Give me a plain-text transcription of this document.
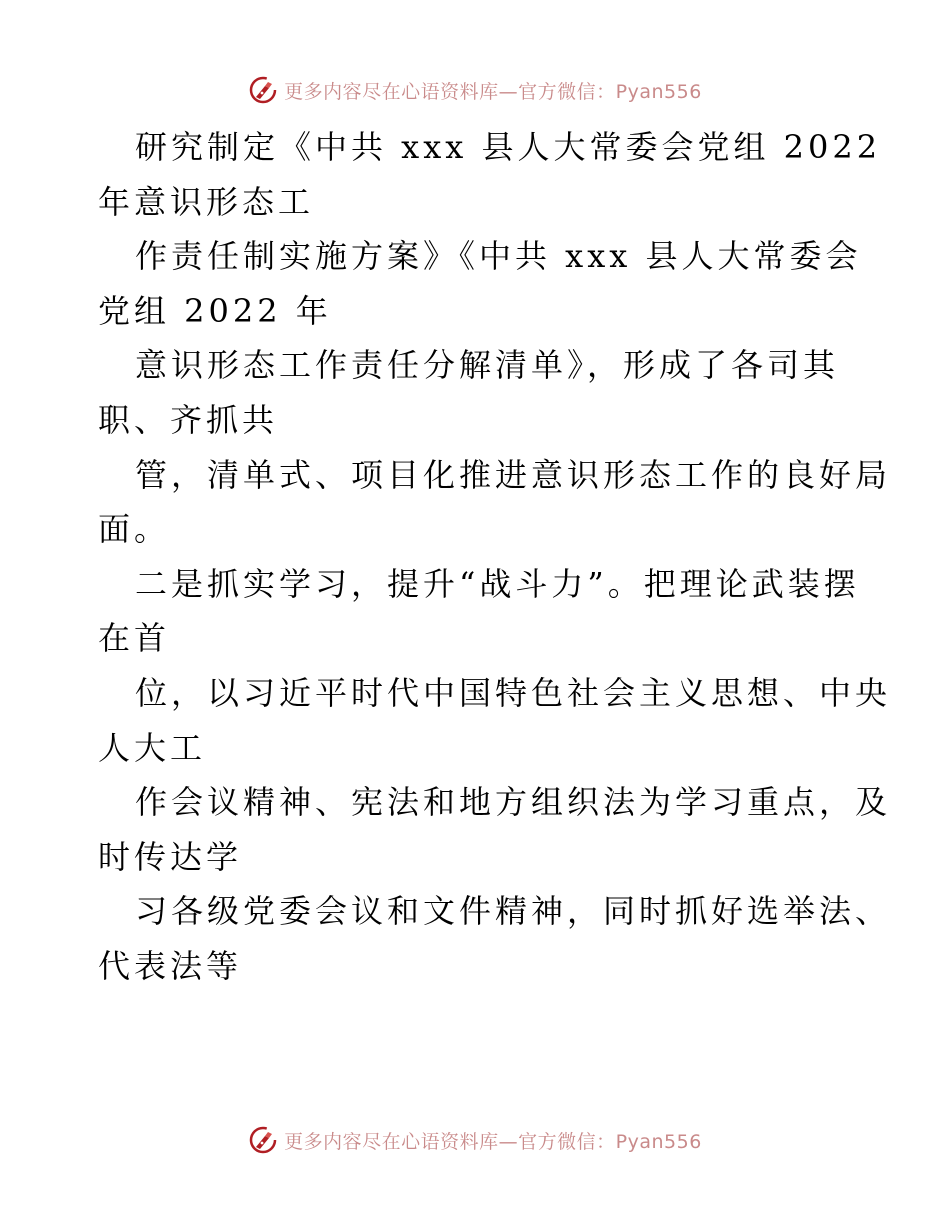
更多内容尽在心语资料库—官方微信：Pyan556
研究制定《中共 xxx 县人大常委会党组 2022
年意识形态工
作责任制实施方案》《中共 xxx 县人大常委会
党组 2022 年
意识形态工作责任分解清单》，形成了各司其
职、齐抓共
管，清单式、项目化推进意识形态工作的良好局
面。
二是抓实学习，提升“战斗力”。把理论武装摆
在首
位，以习近平时代中国特色社会主义思想、中央
人大工
作会议精神、宪法和地方组织法为学习重点，及
时传达学
习各级党委会议和文件精神，同时抓好选举法、
代表法等
更多内容尽在心语资料库—官方微信：Pyan556
